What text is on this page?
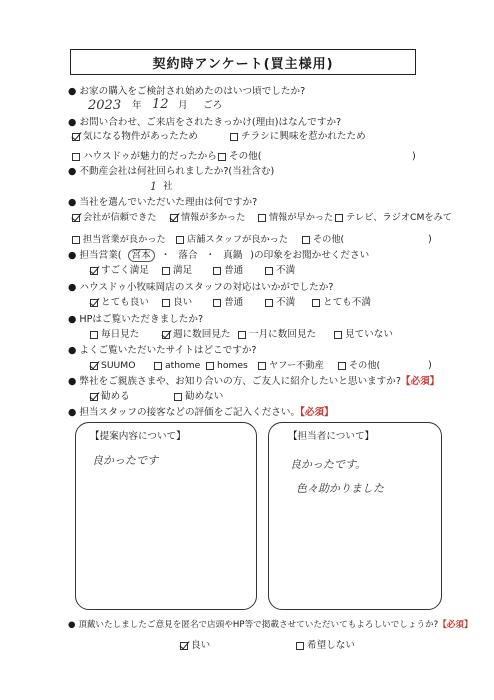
契約時アンケート(買主様用)
● お家の購入をご検討され始めたのはいつ頃でしたか?
2023 年 12 月 ごろ
● お問い合わせ、ご来店をされたきっかけ(理由)はなんですか?
気になる物件があったため	チラシに興味を惹かれたため
ハウスドゥが魅力的だったから その他(	)
● 不動産会社は何社回られましたか?(当社含む)
1 社
● 当社を選んでいただいた理由は何ですか?
会社が信頼できた	情報が多かった	情報が早かった テレビ、ラジオCMをみて
担当営業が良かった 店舗スタッフが良かった	その他(	)
● 担当営業( 宮本 ・ 落合 ・ 真鍋 )の印象をお聞かせください
すごく満足	満足	普通	不満
● ハウスドゥ小牧味岡店のスタッフの対応はいかがでしたか?
とても良い	良い	普通	不満	とても不満
● HPはご覧いただきましたか?
毎日見た	週に数回見た 一月に数回見た	見ていない
● よくご覧いただいたサイトはどこですか?
SUUMO	athome homes ヤフー不動産	その他(	)
● 弊社をご親族さまや、お知り合いの方、ご友人に紹介したいと思いますか?【必須】
勧める	勧めない
● 担当スタッフの接客などの評価をご記入ください。【必須】
【提案内容について】
良かったです
【担当者について】
良かったです。
色々助かりました
● 頂戴いたしましたご意見を匿名で店頭やHP等で掲載させていただいてもよろしいでしょうか?【必須】
良い	希望しない
